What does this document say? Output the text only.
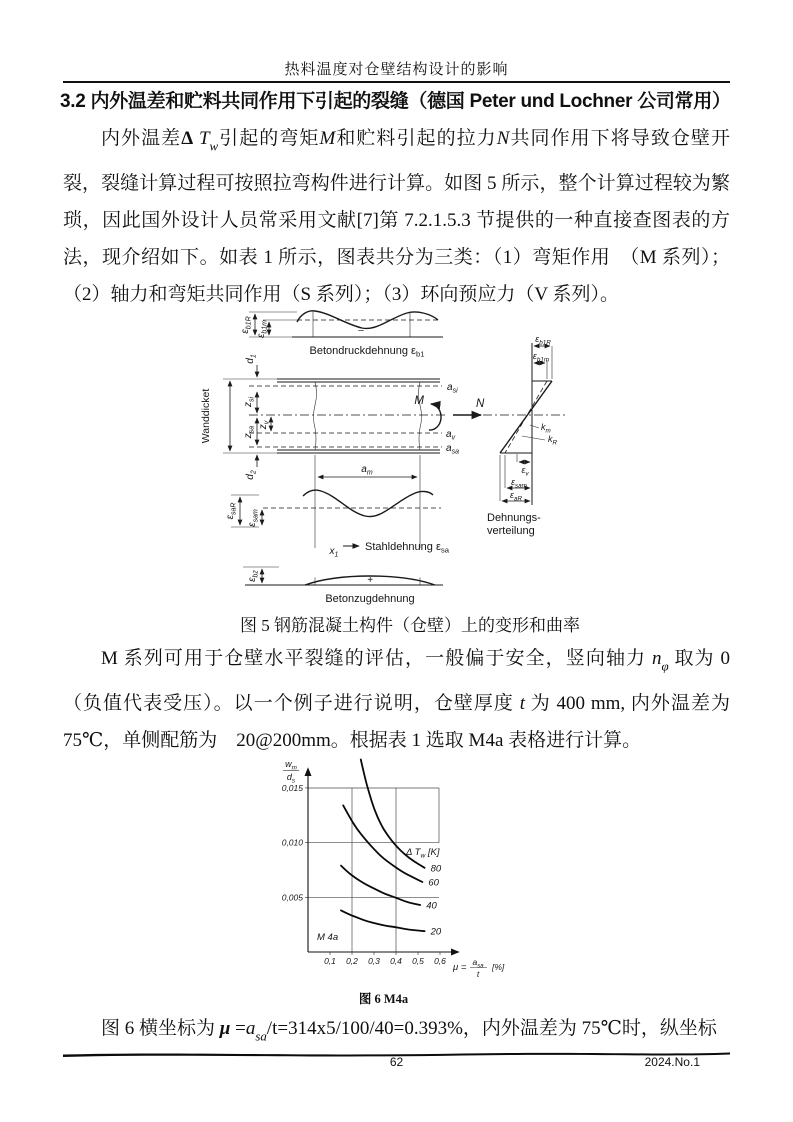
热料温度对仓壁结构设计的影响
3.2 内外温差和贮料共同作用下引起的裂缝（德国 Peter und Lochner 公司常用）

内外温差Δ $T_w$引起的弯矩M和贮料引起的拉力N共同作用下将导致仓壁开裂，裂缝计算过程可按照拉弯构件进行计算。如图 5 所示，整个计算过程较为繁琐，因此国外设计人员常采用文献[7]第 7.2.1.5.3 节提供的一种直接查图表的方法，现介绍如下。如表 1 所示，图表共分为三类：（1）弯矩作用　（M 系列）；（2）轴力和弯矩共同作用（S 系列）；（3）环向预应力（V 系列）。

–
$\varepsilon_{b1R}$
$\varepsilon_{b1m}$
Betondruckdehnung $\varepsilon_{b1}$
$a_{si}$
$a_v$
$a_{sa}$
M	N
Wanddicket
$d_1$
$z_{si}$
$z_v$
$z_{sa}$
$d_2$	$a_m$
$\varepsilon_{saR}$
$\varepsilon_{sam}$
$x_1$
Stahldehnung $\varepsilon_{sa}$
$\varepsilon_{bz}$
+
Betonzugdehnung
$\varepsilon_{b1R}$
$\varepsilon_{b1m}$
$k_m$
$k_R$
$\varepsilon_v$
$\varepsilon_{sam}$
$\varepsilon_{aR}$
Dehnungs-
verteilung
图 5 钢筋混凝土构件（仓壁）上的变形和曲率

M 系列可用于仓壁水平裂缝的评估，一般偏于安全，竖向轴力 $n_\varphi$ 取为 0（负值代表受压）。以一个例子进行说明，仓壁厚度 t 为 400 mm, 内外温差为 75℃，单侧配筋为　20@200mm。根据表 1 选取 M4a 表格进行计算。

$w_m$
$d_s$
$\mu = a_{sa}$
t
[%]
Δ $T_w$ [K]
M 4a
0,1 0,2 0,3 0,4 0,5 0,6
0,005
0,010
0,015
80
60
40
20
图 6 M4a

图 6 横坐标为 $\mu =a_{sa}/t=314x5/100/40=0.393\%$，内外温差为 75℃时，纵坐标

62	2024.No.1
